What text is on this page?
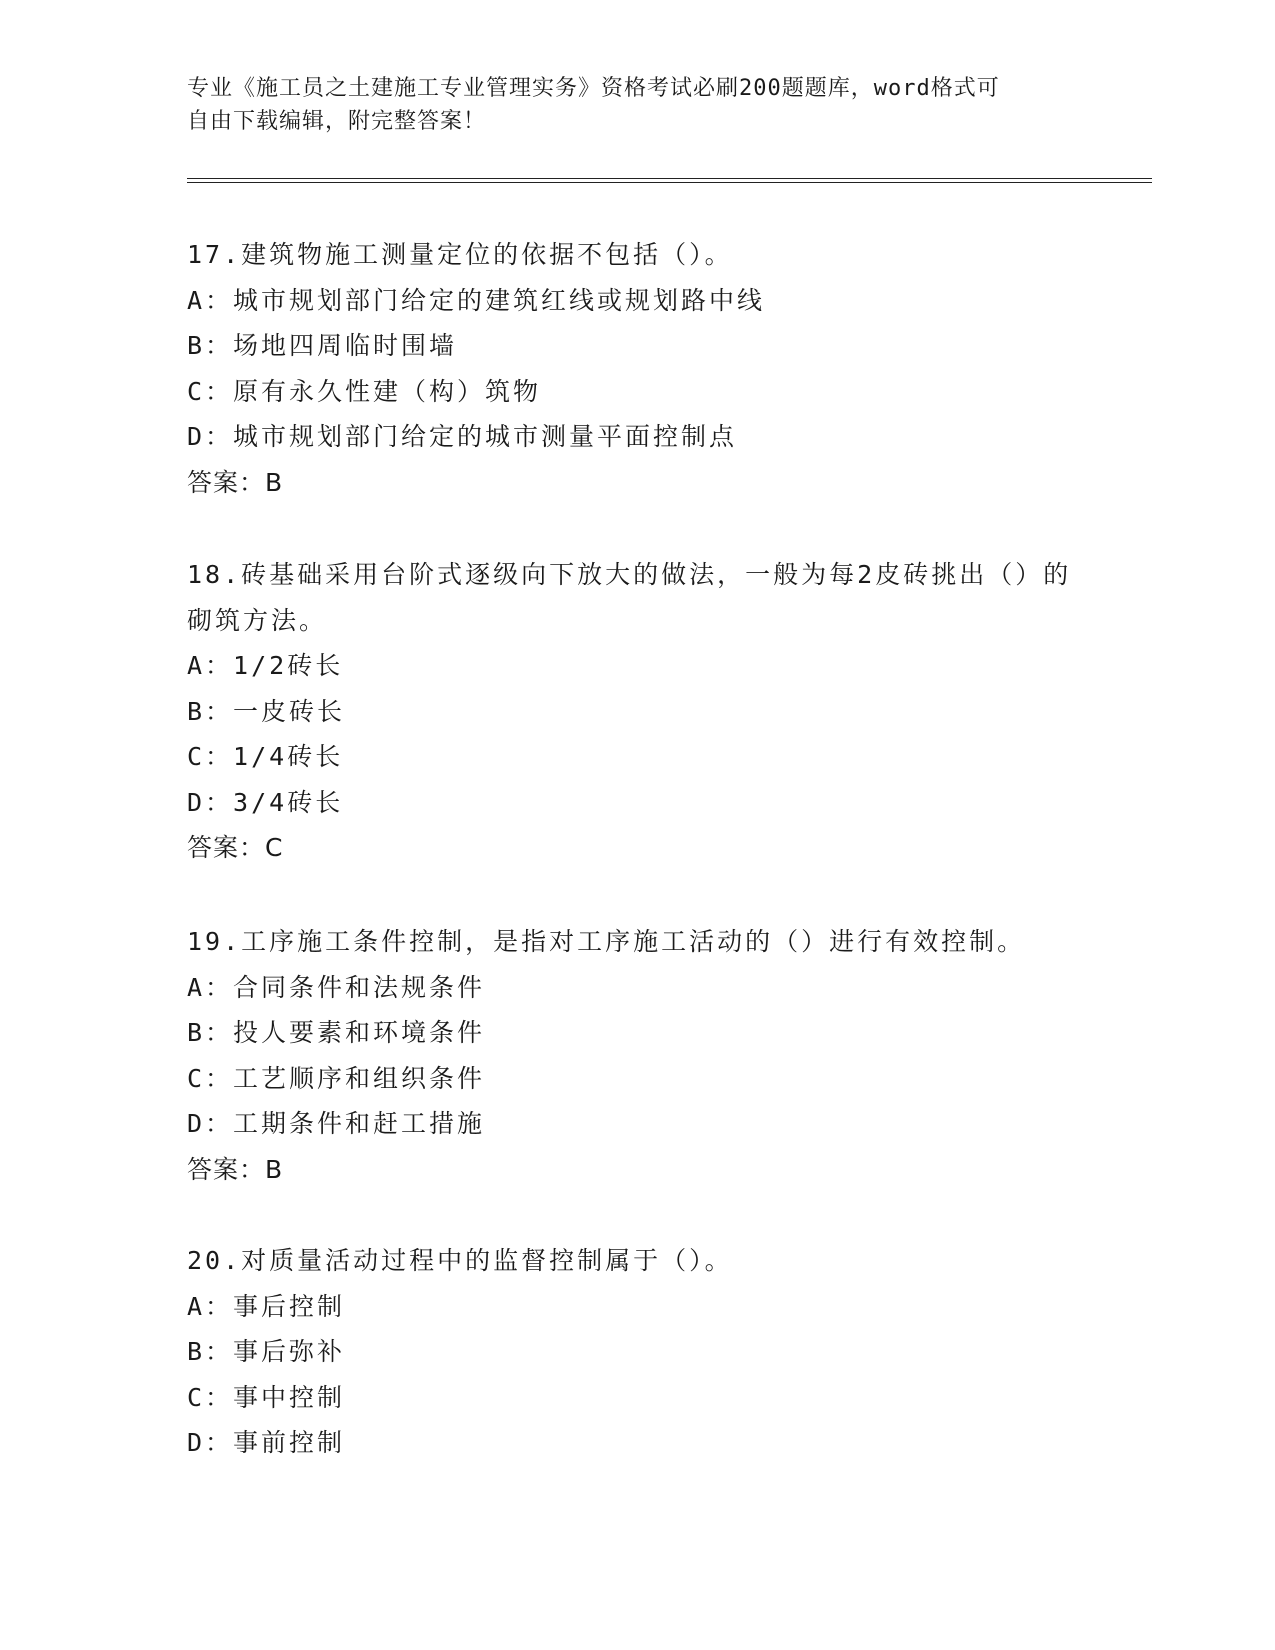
专业《施工员之土建施工专业管理实务》资格考试必刷200题题库，word格式可
自由下载编辑，附完整答案！
17.建筑物施工测量定位的依据不包括（）。
A：城市规划部门给定的建筑红线或规划路中线
B：场地四周临时围墙
C：原有永久性建（构）筑物
D：城市规划部门给定的城市测量平面控制点
答案：B
18.砖基础采用台阶式逐级向下放大的做法，一般为每2皮砖挑出（）的砌筑方法。
A：1/2砖长
B：一皮砖长
C：1/4砖长
D：3/4砖长
答案：C
19.工序施工条件控制，是指对工序施工活动的（）进行有效控制。
A：合同条件和法规条件
B：投人要素和环境条件
C：工艺顺序和组织条件
D：工期条件和赶工措施
答案：B
20.对质量活动过程中的监督控制属于（）。
A：事后控制
B：事后弥补
C：事中控制
D：事前控制
